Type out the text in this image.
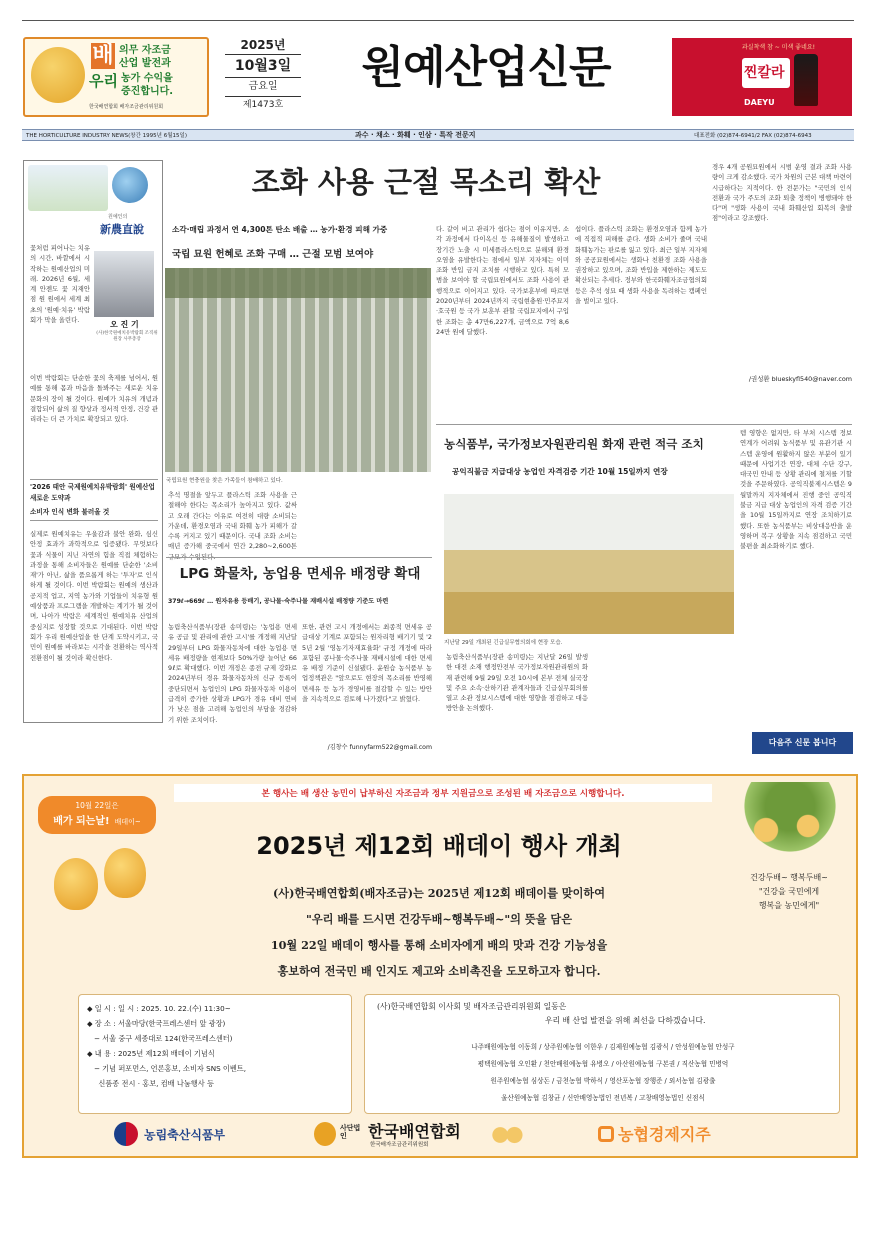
배
우리
의무 자조금
산업 발전과
농가 수익을
증진합니다.
한국배연합회 배자조금관리위원회
2025년
10월3일
금요일
제1473호
원예산업신문	과실착색 참 ~ 미색 좋네요!
찐칼라
DAEYU
THE HORTICULTURE INDUSTRY NEWS(창간 1995년 6월15일)	과수 · 채소 · 화훼 · 인삼 · 특작 전문지	대표전화 (02)874-6941/2 FAX (02)874-6943
원예인의
新農直說
꽃처럼 피어나는 치유의 시간, 바깥에서 시작하는 원예산업의 미래. 2026년 6월, 세계 안젠도 꽃 지재안점 원 원에서 세계 최초의 '원예·치유' 박람회가 막을 올린다.	오 진 기
(사)한국원예치유박람회 조직위원장 사무총장
이번 박람회는 단순한 꽃의 축제를 넘어서, 원예를 통해 몸과 마음을 돌봐주는 새로운 치유문화의 장이 될 것이다. 원예가 치유의 개념과 결합되어 삶의 질 향상과 정서적 안정, 건강 관리라는 더 큰 가치로 확장되고 있다.
'2026 태안 국제원예치유박람회' 원예산업 새로운 도약과
소비자 인식 변화 불러올 것
실제로 원예치유는 우울감과 불안 완화, 심신 안정 효과가 과학적으로 입증됐다. 무엇보다 꽃과 식물이 지닌 자연의 힘을 직접 체험하는 과정을 통해 소비자들은 원예를 단순한 '소비재'가 아닌, 삶을 품요롭게 하는 '투자'로 인식하게 될 것이다. 이번 박람회는 원예의 생산과 공지적 업고, 지역 농가와 기업들이 치유형 원예상품과 프로그램을 개발하는 계기가 될 것이며, 나아가 박람은 세계적인 원예치유 산업의 중심지로 성장할 것으로 기대된다. 이번 박람회가 우리 원예산업을 한 단계 도약시키고, 국민이 원예를 바라보는 시각을 전환하는 역사적 전환점이 될 것이라 확신한다.
조화 사용 근절 목소리 확산
소각·매립 과정서 연 4,300톤 탄소 배출 … 농가·환경 피해 가중
국립 묘원 헌혜로 조화 구매 … 근절 모범 보여야
국립묘원 현충원을 찾은 가족들이 참배하고 있다.
추석 명절을 앞두고 플라스틱 조화 사용을 근절해야 한다는 목소리가 높아지고 있다. 값싸고 오래 간다는 이유로 여전히 대량 소비되는 가운데, 환경오염과 국내 화훼 농가 피해가 갈수록 커지고 있기 때문이다. 국내 조화 소비는 매년 증가해 중국에서 연간 2,280~2,600톤
다. 같이 비고 관리가 쉽다는 점이 이유지만, 소각 과정에서 다이옥신 등 유해물질이 발생하고 장기간 노출 시 미세플라스틱으로 분해돼 환경오염을 유발한다는 점에서 일부 지자체는 이미 조화 반입 금지 조치를 시행하고 있다. 특히 모범을 보여야 할 국립묘원에서도 조화 사용이 관행적으로 이어지고 있다. 국가보훈부에 따르면 2020년부터 2024년까지 국립현충원·민주묘지·호국원 등 국가 보훈부 관할 국립묘지에서 구입한 조화는 총 47만6,227개, 금액으로 7억 8,624만 원에 달했다.
섭이다. 플라스틱 조화는 환경오염과 함께 농가에 직접적 피해를 준다. 생화 소비가 줄며 국내 화훼농가는 판로를 잃고 있다. 최근 일부 지자체와 공공묘원에서는 생화나 친환경 조화 사용을 권장하고 있으며, 조화 반입을 제한하는 제도도 확산되는 추세다. 정부와 한국화훼자조금협의회 등은 추석 성묘 때 생화 사용을 독려하는 캠페인을 벌이고 있다.
경우 4개 공원묘원에서 시범 운영 결과 조화 사용량이 크게 감소했다. 국가 차원의 근본 대책 마련이 시급하다는 지적이다. 한 전문가는 "국민의 인식 전환과 국가 주도의 조화 퇴출 정책이 병행돼야 한다"며 "생화 사용이 국내 화훼산업 회복의 출발점"이라고 강조했다.
/권성환 blueskyfl540@naver.com
LPG 화물차, 농업용 면세유 배정량 확대
379ℓ→669ℓ … 원자유용 등배기, 공나물·숙주나물 재배시설 배정량 기준도 마련
농림축산식품부(장관 송미령)는 '농업용 면세유 공급 및 관리에 관한 고시'를 개정해 지난달 29일부터 LPG 화물자동차에 대한 농업용 면세유 배정량을 현재보다 50%가량 늘어난 669ℓ로 확대했다. 이번 개정은 종전 규제 강화로 2024년부터 경유 화물자동차의 신규 등록이 중단되면서 농업인의 LPG 화물자동차 이용이 급격히 증가한 상황과 LPG가 경유 대비 연비가 낮은 점을 고려해 농업인의 부담을 경감하기 위한 조치이다.
또한, 관련 고시 개정에서는 최종적 면세유 공급대상 기계로 포함되는 원자리형 배기기 및 '25년 2월 '영농기자재효율화' 규정 개정에 따라 포함된 콩나물·숙주나물 재배시설에 대한 면세유 배정 기준이 신설됐다. 윤원습 농식품부 농업정책관은 "앞으로도 현장의 목소리를 반영해 면세유 등 농가 경영비를 절감할 수 있는 방안을 지속적으로 검토해 나가겠다"고 밝혔다.
/김창수 funnyfarm522@gmail.com
농식품부, 국가정보자원관리원 화재 관련 적극 조치
공익직불금 지급대상 농업인 자격검증 기간 10월 15일까지 연장
지난달 29일 개최된 긴급실무협의회에 현장 모습.
농림축산식품부(장관 송미령)는 지난달 26일 발생한 대전 소재 행정안전부 국가정보자원관리원의 화재 관련해 9월 29일 오전 10시에 본부 전체 실국장 및 주요 소속·산하기관 관계자들과 긴급실무회의를 열고 소관 정보시스템에 대한 영향을 점검하고 대응 방안을 논의했다.
템 영향은 없지만, 타 부처 시스템 정보연계가 어려워 농식품부 및 유관기관 시스템 운영에 원활하지 않은 부분이 있기 때문에 사업기간 연장, 대체 수단 강구, 대국민 안내 등 상황 관리에 철저를 기할 것을 주문하였다. 공익직불제시스템은 9월말까지 지자체에서 진행 중인 공익직불금 지급 대상 농업인의 자격 검증 기간을 10월 15일까지로 연장 조치하기로 했다. 또한 농식품부는 비상대응반을 운영하며 복구 상황을 지속 점검하고 국민 불편을 최소화하기로 했다.
다음주 신문 봅니다
본 행사는 배 생산 농민이 납부하신 자조금과 정부 지원금으로 조성된 배 자조금으로 시행합니다.
10월 22일은
배가 되는날! 배데이~
2025년 제12회 배데이 행사 개최
(사)한국배연합회(배자조금)는 2025년 제12회 배데이를 맞이하여
"우리 배를 드시면 건강두배~행복두배~"의 뜻을 담은
10월 22일 배데이 행사를 통해 소비자에게 배의 맛과 건강 기능성을
홍보하여 전국민 배 인지도 제고와 소비촉진을 도모하고자 합니다.
건강두배~ 행복두배~
"건강을 국민에게
행복을 농민에게"
◆ 일 시 : 일 시 : 2025. 10. 22.(수) 11:30~
◆ 장 소 : 서울마당(한국프레스센터 앞 광장)
− 서울 중구 세종대로 124(한국프레스센터)
◆ 내 용 : 2025년 제12회 배데이 기념식
− 기념 퍼포먼스, 언론홍보, 소비자 SNS 이벤트,
신품종 전시 · 홍보, 컴배 나눔행사 등
(사)한국배연합회 이사회 및 배자조금관리위원회 일동은
우리 배 산업 발전을 위해 최선을 다하겠습니다.
나주배원예농협 이동희 / 상주원예농협 이한우 / 김제원예농협 김광식 / 안성원예농협 안성구
평택원예농협 오인환 / 천안배원예농협 유병오 / 아산원예농협 구본권 / 직산농협 민병억
원주원예농협 심상돈 / 금천농협 박하식 / 영산포농협 장행준 / 외서농협 김광출
울산원예농협 김창균 / 신안배영농법인 전년복 / 고창배영농법인 신점식
농림축산식품부	사단법인	한국배연합회
한국배자조금관리위원회
농협경제지주
